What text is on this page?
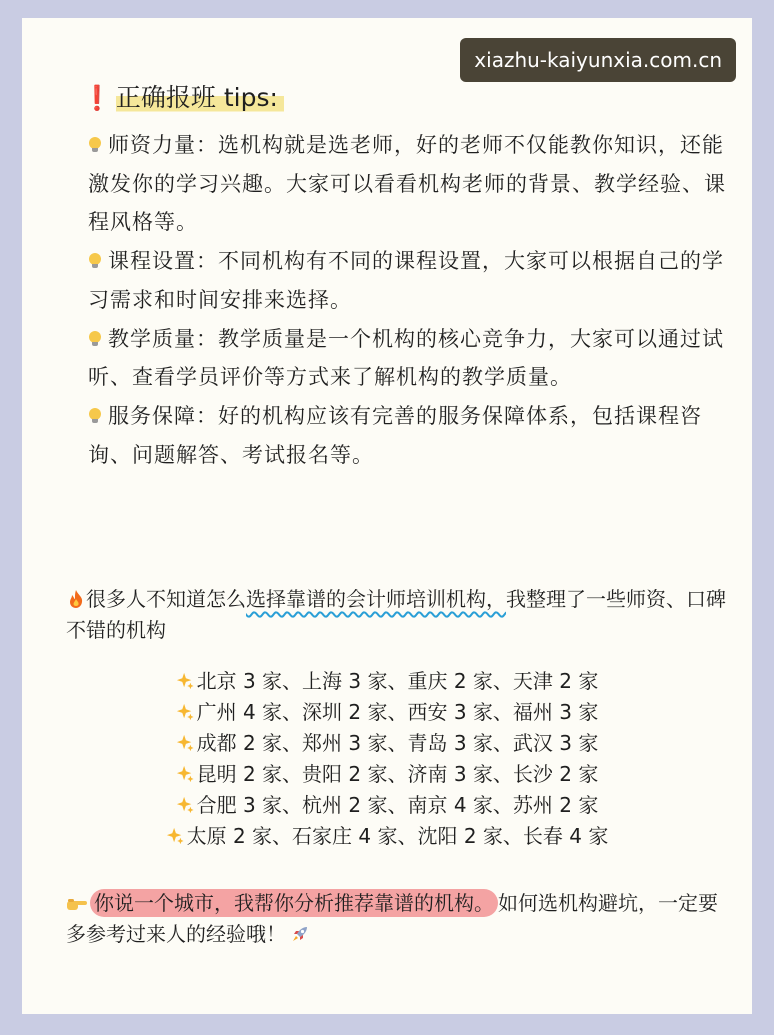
xiazhu-kaiyunxia.com.cn
❗ 正确报班 tips:

师资力量：选机构就是选老师，好的老师不仅能教你知识，还能激发你的学习兴趣。大家可以看看机构老师的背景、教学经验、课程风格等。

课程设置：不同机构有不同的课程设置，大家可以根据自己的学习需求和时间安排来选择。

教学质量：教学质量是一个机构的核心竞争力，大家可以通过试听、查看学员评价等方式来了解机构的教学质量。

服务保障：好的机构应该有完善的服务保障体系，包括课程咨询、问题解答、考试报名等。

很多人不知道怎么选择靠谱的会计师培训机构，我整理了一些师资、口碑不错的机构
北京 3 家、上海 3 家、重庆 2 家、天津 2 家
广州 4 家、深圳 2 家、西安 3 家、福州 3 家
成都 2 家、郑州 3 家、青岛 3 家、武汉 3 家
昆明 2 家、贵阳 2 家、济南 3 家、长沙 2 家
合肥 3 家、杭州 2 家、南京 4 家、苏州 2 家
太原 2 家、石家庄 4 家、沈阳 2 家、长春 4 家
你说一个城市，我帮你分析推荐靠谱的机构。 如何选机构避坑，一定要多参考过来人的经验哦！
